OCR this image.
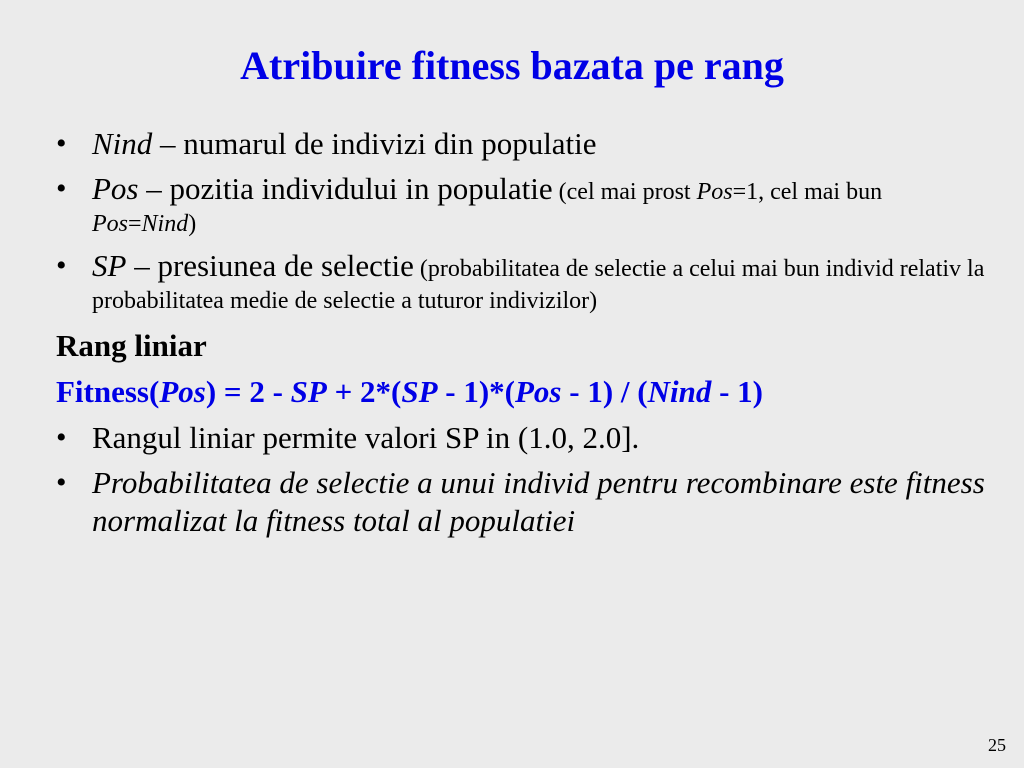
Atribuire fitness bazata pe rang
• Nind – numarul de indivizi din populatie
• Pos – pozitia individului in populatie (cel mai prost Pos=1, cel mai bun Pos=Nind)
• SP – presiunea de selectie (probabilitatea de selectie a celui mai bun individ relativ la probabilitatea medie de selectie a tuturor indivizilor)
Rang liniar
Fitness(Pos) = 2 - SP + 2*(SP - 1)*(Pos - 1) / (Nind - 1)
• Rangul liniar permite valori SP in (1.0, 2.0].
• Probabilitatea de selectie a unui individ pentru recombinare este fitness normalizat la fitness total al populatiei
25
